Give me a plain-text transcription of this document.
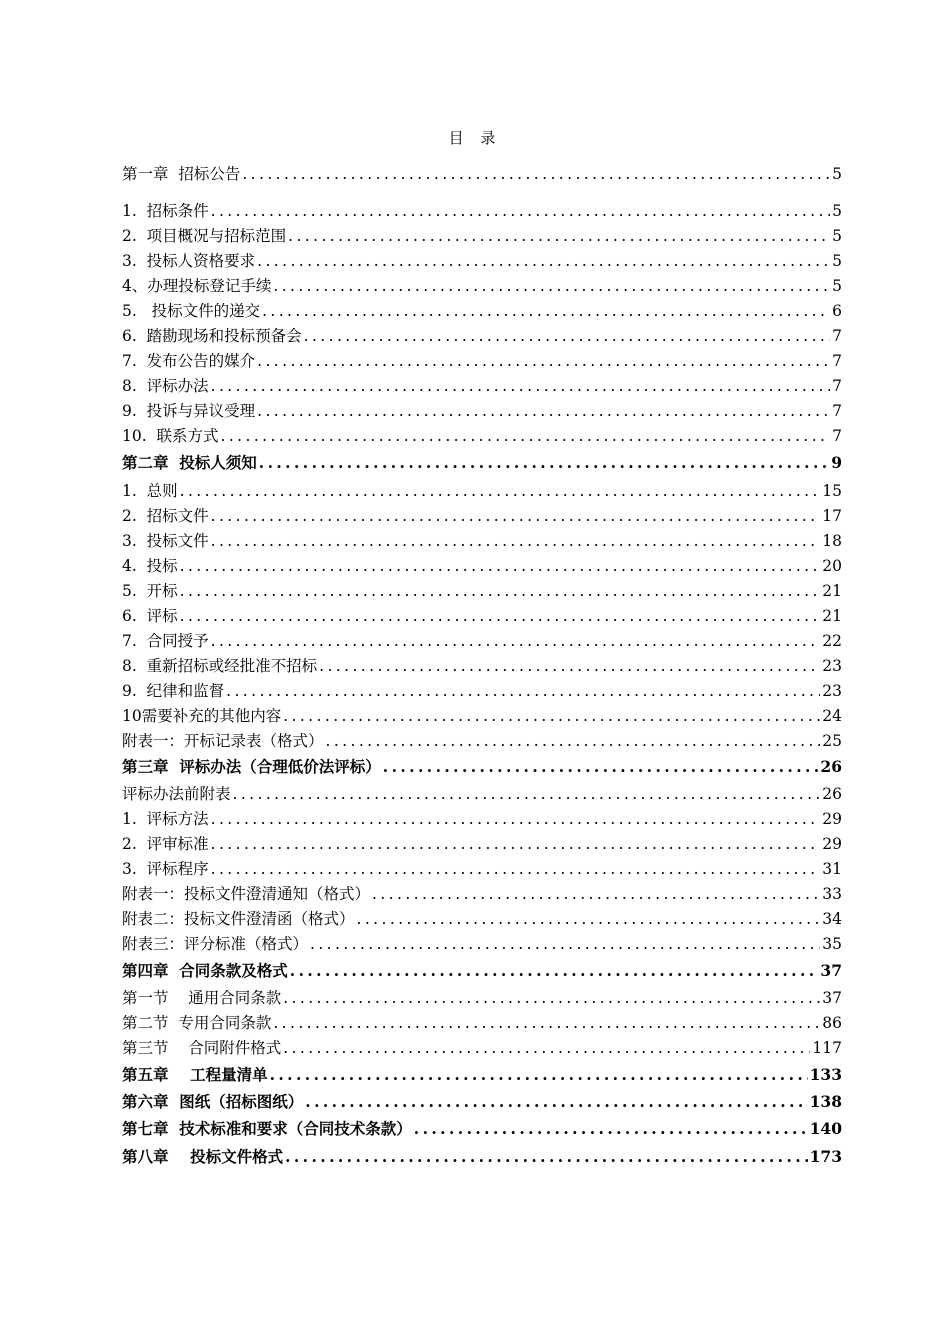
目 录
第一章  招标公告 .....	5
1.  招标条件 .....	5
2.  项目概况与招标范围 .....	5
3.  投标人资格要求 .....	5
4、办理投标登记手续 .....	5
5.   投标文件的递交 .....	6
6.  踏勘现场和投标预备会 .....	7
7.  发布公告的媒介 .....	7
8.  评标办法 .....	7
9.  投诉与异议受理 .....	7
10.  联系方式 .....	7
第二章  投标人须知 .....	9
1.  总则 .....	15
2.  招标文件 .....	17
3.  投标文件 .....	18
4.  投标 .....	20
5.  开标 .....	21
6.  评标 .....	21
7.  合同授予 .....	22
8.  重新招标或经批准不招标 .....	23
9.  纪律和监督 .....	23
10需要补充的其他内容 .....	24
附表一：开标记录表（格式） .....	25
第三章  评标办法（合理低价法评标） .....	26
评标办法前附表 .....	26
1.  评标方法 .....	29
2.  评审标准 .....	29
3.  评标程序 .....	31
附表一：投标文件澄清通知（格式） .....	33
附表二：投标文件澄清函（格式） .....	34
附表三：评分标准（格式） .....	35
第四章  合同条款及格式 .....	37
第一节    通用合同条款 .....	37
第二节  专用合同条款 .....	86
第三节    合同附件格式 .....	117
第五章    工程量清单 .....	133
第六章  图纸（招标图纸） .....	138
第七章  技术标准和要求（合同技术条款） .....	140
第八章    投标文件格式 .....	173
